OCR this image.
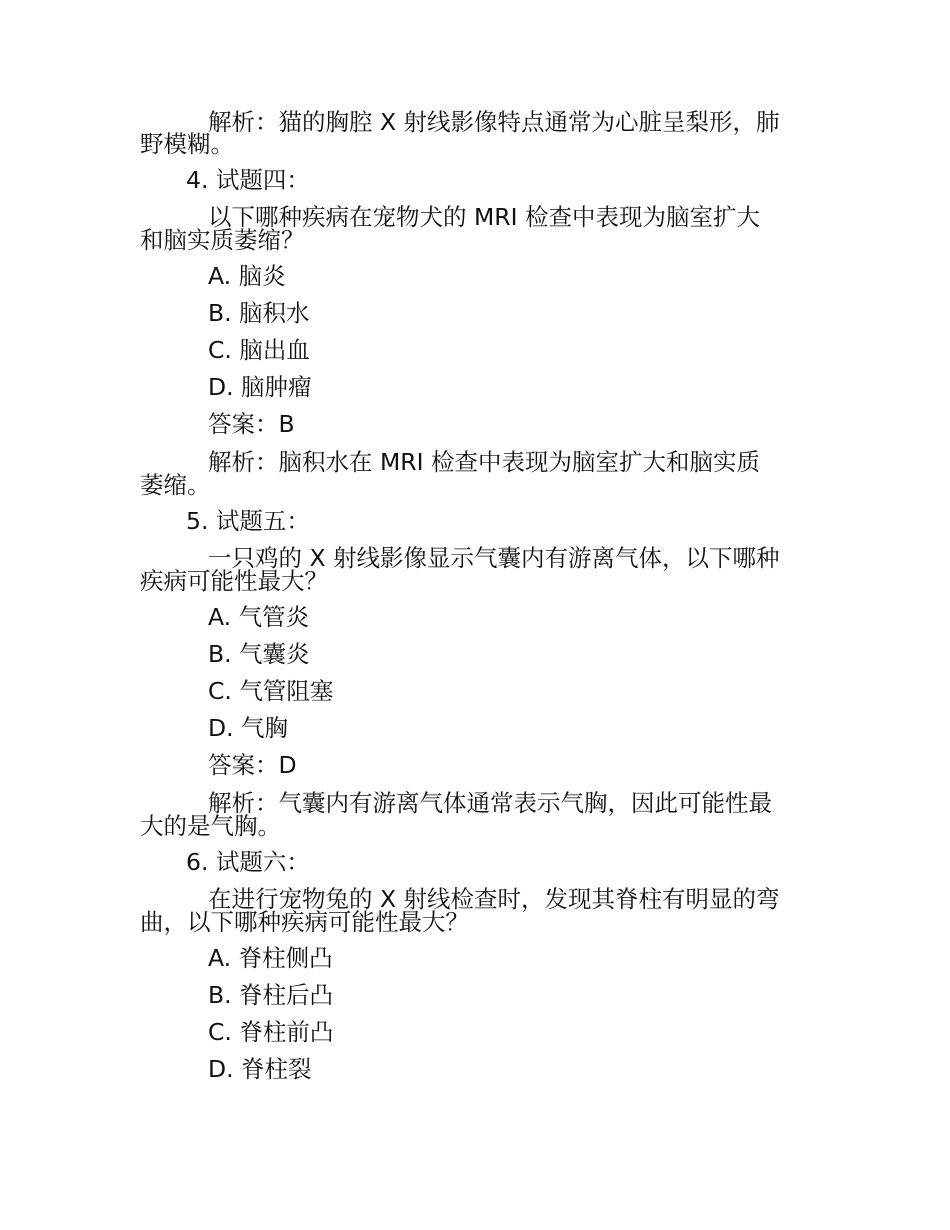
解析：猫的胸腔 X 射线影像特点通常为心脏呈梨形，肺
野模糊。
4. 试题四：
以下哪种疾病在宠物犬的 MRI 检查中表现为脑室扩大
和脑实质萎缩？
A. 脑炎
B. 脑积水
C. 脑出血
D. 脑肿瘤
答案：B
解析：脑积水在 MRI 检查中表现为脑室扩大和脑实质
萎缩。
5. 试题五：
一只鸡的 X 射线影像显示气囊内有游离气体，以下哪种
疾病可能性最大？
A. 气管炎
B. 气囊炎
C. 气管阻塞
D. 气胸
答案：D
解析：气囊内有游离气体通常表示气胸，因此可能性最
大的是气胸。
6. 试题六：
在进行宠物兔的 X 射线检查时，发现其脊柱有明显的弯
曲，以下哪种疾病可能性最大？
A. 脊柱侧凸
B. 脊柱后凸
C. 脊柱前凸
D. 脊柱裂
